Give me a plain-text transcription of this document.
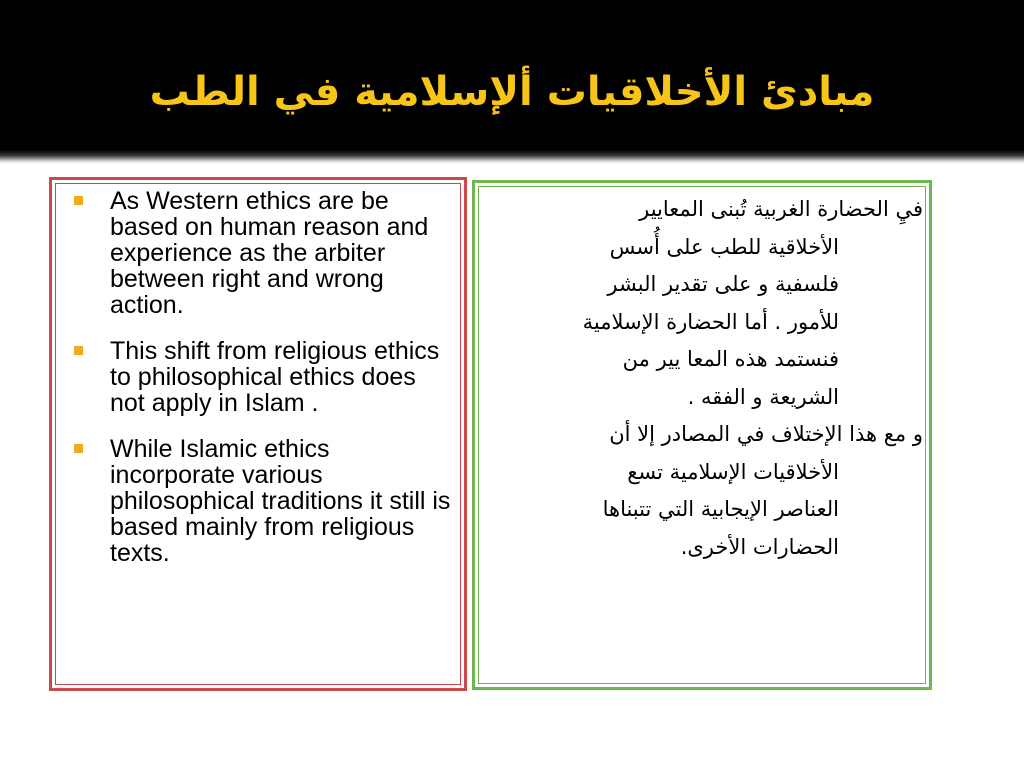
مبادئ الأخلاقيات ألإسلامية في الطب
As Western ethics are be based on human reason and experience as the arbiter between right and wrong action.
This shift from religious ethics to philosophical ethics does not apply in Islam .
While Islamic ethics incorporate various philosophical traditions it still is based mainly from religious texts.
فيِ الحضارة الغربية تُبنى المعايير
الأخلاقية للطب على أُسس
فلسفية و على تقدير البشر
للأمور . أما الحضارة الإسلامية
فنستمد هذه المعا يير من
الشريعة و الفقه .
و مع هذا الإختلاف في المصادر إلا أن
الأخلاقيات الإسلامية تسع
العناصر الإيجابية التي تتبناها
الحضارات الأخرى.
